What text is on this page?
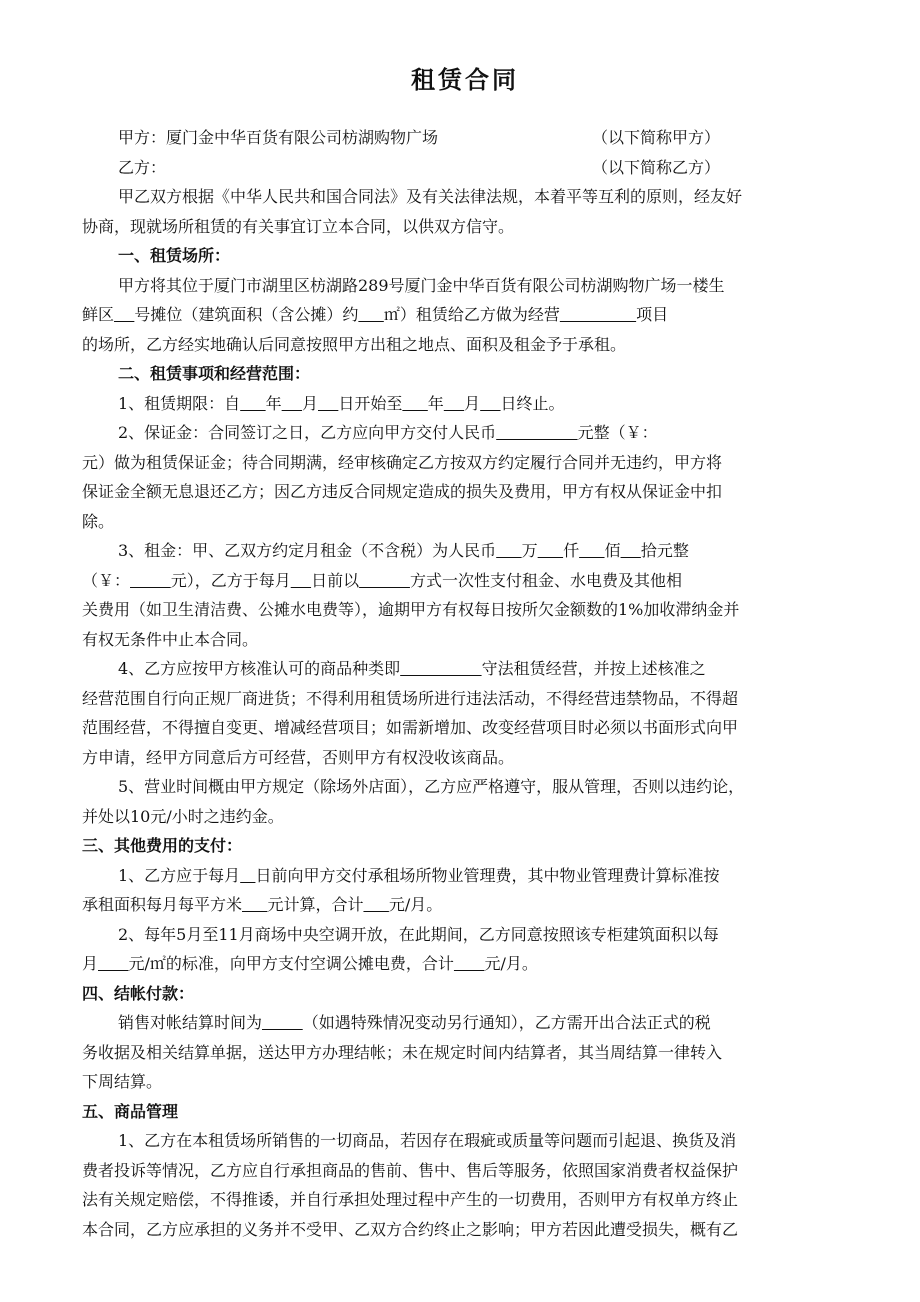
租赁合同
甲方：厦门金中华百货有限公司枋湖购物广场	（以下简称甲方）
乙方：	（以下简称乙方）
甲乙双方根据《中华人民共和国合同法》及有关法律法规，本着平等互利的原则，经友好
协商，现就场所租赁的有关事宜订立本合同，以供双方信守。
一、租赁场所：
甲方将其位于厦门市湖里区枋湖路289号厦门金中华百货有限公司枋湖购物广场一楼生
鲜区 号摊位（建筑面积（含公摊）约 ㎡）租赁给乙方做为经营	项目
的场所，乙方经实地确认后同意按照甲方出租之地点、面积及租金予于承租。
二、租赁事项和经营范围：
1、租赁期限：自 年 月 日开始至 年 月 日终止。
2、保证金：合同签订之日，乙方应向甲方交付人民币	元整（￥：
元）做为租赁保证金；待合同期满，经审核确定乙方按双方约定履行合同并无违约，甲方将
保证金全额无息退还乙方；因乙方违反合同规定造成的损失及费用，甲方有权从保证金中扣
除。
3、租金：甲、乙双方约定月租金（不含税）为人民币 万 仟 佰 拾元整
（￥：	元），乙方于每月 日前以	方式一次性支付租金、水电费及其他相
关费用（如卫生清洁费、公摊水电费等），逾期甲方有权每日按所欠金额数的1%加收滞纳金并
有权无条件中止本合同。
4、乙方应按甲方核准认可的商品种类即	守法租赁经营，并按上述核准之
经营范围自行向正规厂商进货；不得利用租赁场所进行违法活动，不得经营违禁物品，不得超
范围经营，不得擅自变更、增减经营项目；如需新增加、改变经营项目时必须以书面形式向甲
方申请，经甲方同意后方可经营，否则甲方有权没收该商品。
5、营业时间概由甲方规定（除场外店面），乙方应严格遵守，服从管理，否则以违约论，
并处以10元/小时之违约金。
三、其他费用的支付：
1、乙方应于每月 日前向甲方交付承租场所物业管理费，其中物业管理费计算标准按
承租面积每月每平方米 元计算，合计 元/月。
2、每年5月至11月商场中央空调开放，在此期间，乙方同意按照该专柜建筑面积以每
月 元/㎡的标准，向甲方支付空调公摊电费，合计 元/月。
四、结帐付款：
销售对帐结算时间为	（如遇特殊情况变动另行通知），乙方需开出合法正式的税
务收据及相关结算单据，送达甲方办理结帐；未在规定时间内结算者，其当周结算一律转入
下周结算。
五、商品管理
1、乙方在本租赁场所销售的一切商品，若因存在瑕疵或质量等问题而引起退、换货及消
费者投诉等情况，乙方应自行承担商品的售前、售中、售后等服务，依照国家消费者权益保护
法有关规定赔偿，不得推诿，并自行承担处理过程中产生的一切费用，否则甲方有权单方终止
本合同，乙方应承担的义务并不受甲、乙双方合约终止之影响；甲方若因此遭受损失，概有乙
